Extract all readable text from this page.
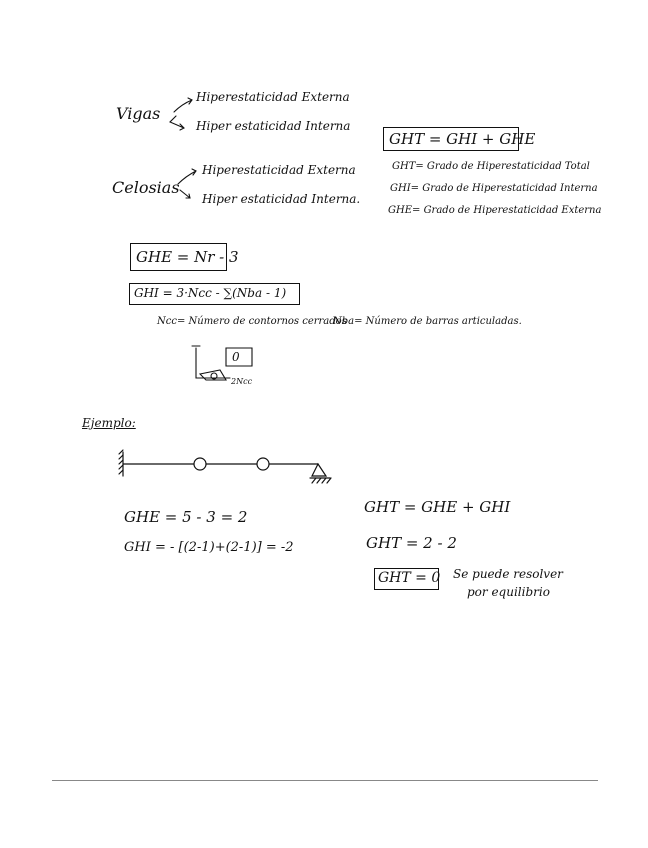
Vigas
Hiperestaticidad Externa
Hiper estaticidad Interna
Celosias
Hiperestaticidad Externa
Hiper estaticidad Interna.
GHT = GHI + GHE
GHT= Grado de Hiperestaticidad Total
GHI= Grado de Hiperestaticidad Interna
GHE= Grado de Hiperestaticidad Externa
GHE = Nr - 3
GHI = 3·Ncc - ∑(Nba - 1)
Ncc= Número de contornos cerrados
Nba= Número de barras articuladas.
0
2Ncc
Ejemplo:
GHE = 5 - 3 = 2
GHI = - [(2-1)+(2-1)] = -2
GHT = GHE + GHI
GHT = 2 - 2
GHT = 0 Se puede resolver
por equilibrio
